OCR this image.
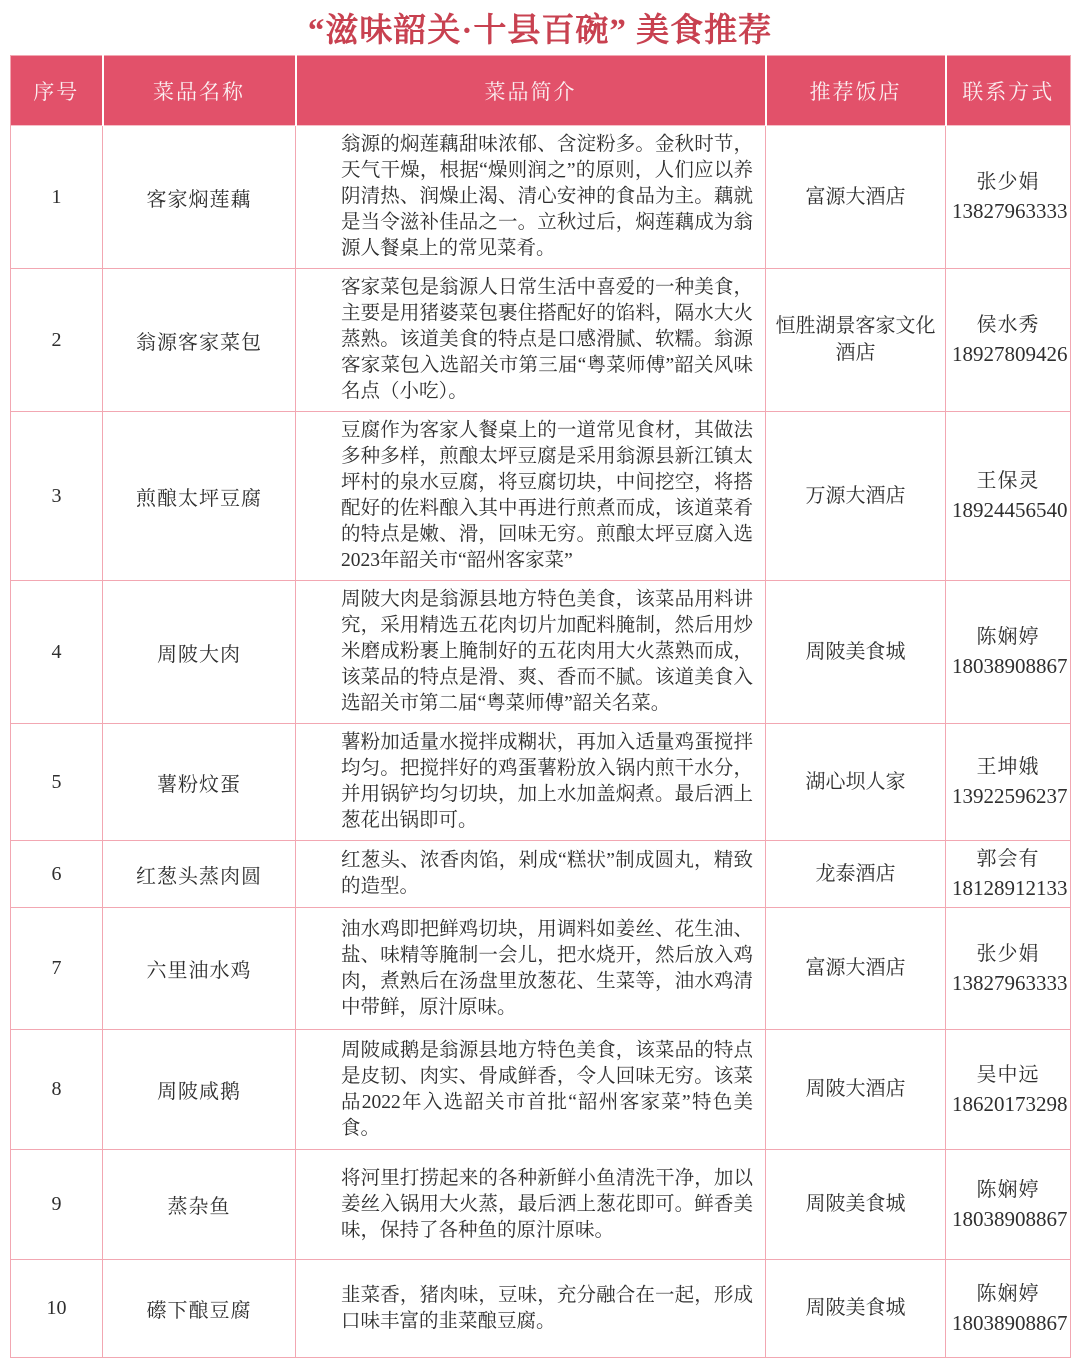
“滋味韶关·十县百碗” 美食推荐
序号	菜品名称	菜品简介	推荐饭店	联系方式
1	客家焖莲藕	翁源的焖莲藕甜味浓郁、含淀粉多。金秋时节，天气干燥，根据“燥则润之”的原则，人们应以养阴清热、润燥止渴、清心安神的食品为主。藕就是当令滋补佳品之一。立秋过后，焖莲藕成为翁源人餐桌上的常见菜肴。	富源大酒店	张少娟
13827963333

2	翁源客家菜包	客家菜包是翁源人日常生活中喜爱的一种美食，主要是用猪婆菜包裹住搭配好的馅料，隔水大火蒸熟。该道美食的特点是口感滑腻、软糯。翁源客家菜包入选韶关市第三届“粤菜师傅”韶关风味名点（小吃）。	恒胜湖景客家文化酒店	侯水秀
18927809426

3	煎酿太坪豆腐	豆腐作为客家人餐桌上的一道常见食材，其做法多种多样，煎酿太坪豆腐是采用翁源县新江镇太坪村的泉水豆腐，将豆腐切块，中间挖空，将搭配好的佐料酿入其中再进行煎煮而成，该道菜肴的特点是嫩、滑，回味无穷。煎酿太坪豆腐入选2023年韶关市“韶州客家菜”	万源大酒店	王保灵
18924456540

4	周陂大肉	周陂大肉是翁源县地方特色美食，该菜品用料讲究，采用精选五花肉切片加配料腌制，然后用炒米磨成粉裹上腌制好的五花肉用大火蒸熟而成，该菜品的特点是滑、爽、香而不腻。该道美食入选韶关市第二届“粤菜师傅”韶关名菜。	周陂美食城	陈娴婷
18038908867

5	薯粉炆蛋	薯粉加适量水搅拌成糊状，再加入适量鸡蛋搅拌均匀。把搅拌好的鸡蛋薯粉放入锅内煎干水分，并用锅铲均匀切块，加上水加盖焖煮。最后洒上葱花出锅即可。	湖心坝人家	王坤娥
13922596237

6	红葱头蒸肉圆	红葱头、浓香肉馅，剁成“糕状”制成圆丸，精致的造型。	龙泰酒店	郭会有
18128912133

7	六里油水鸡	油水鸡即把鲜鸡切块，用调料如姜丝、花生油、盐、味精等腌制一会儿，把水烧开，然后放入鸡肉，煮熟后在汤盘里放葱花、生菜等，油水鸡清中带鲜，原汁原味。	富源大酒店	张少娟
13827963333

8	周陂咸鹅	周陂咸鹅是翁源县地方特色美食，该菜品的特点是皮韧、肉实、骨咸鲜香，令人回味无穷。该菜品2022年入选韶关市首批“韶州客家菜”特色美食。	周陂大酒店	吴中远
18620173298

9	蒸杂鱼	将河里打捞起来的各种新鲜小鱼清洗干净，加以姜丝入锅用大火蒸，最后洒上葱花即可。鲜香美味，保持了各种鱼的原汁原味。	周陂美食城	陈娴婷
18038908867

10	礤下酿豆腐	韭菜香，猪肉味，豆味，充分融合在一起，形成口味丰富的韭菜酿豆腐。	周陂美食城	陈娴婷
18038908867
